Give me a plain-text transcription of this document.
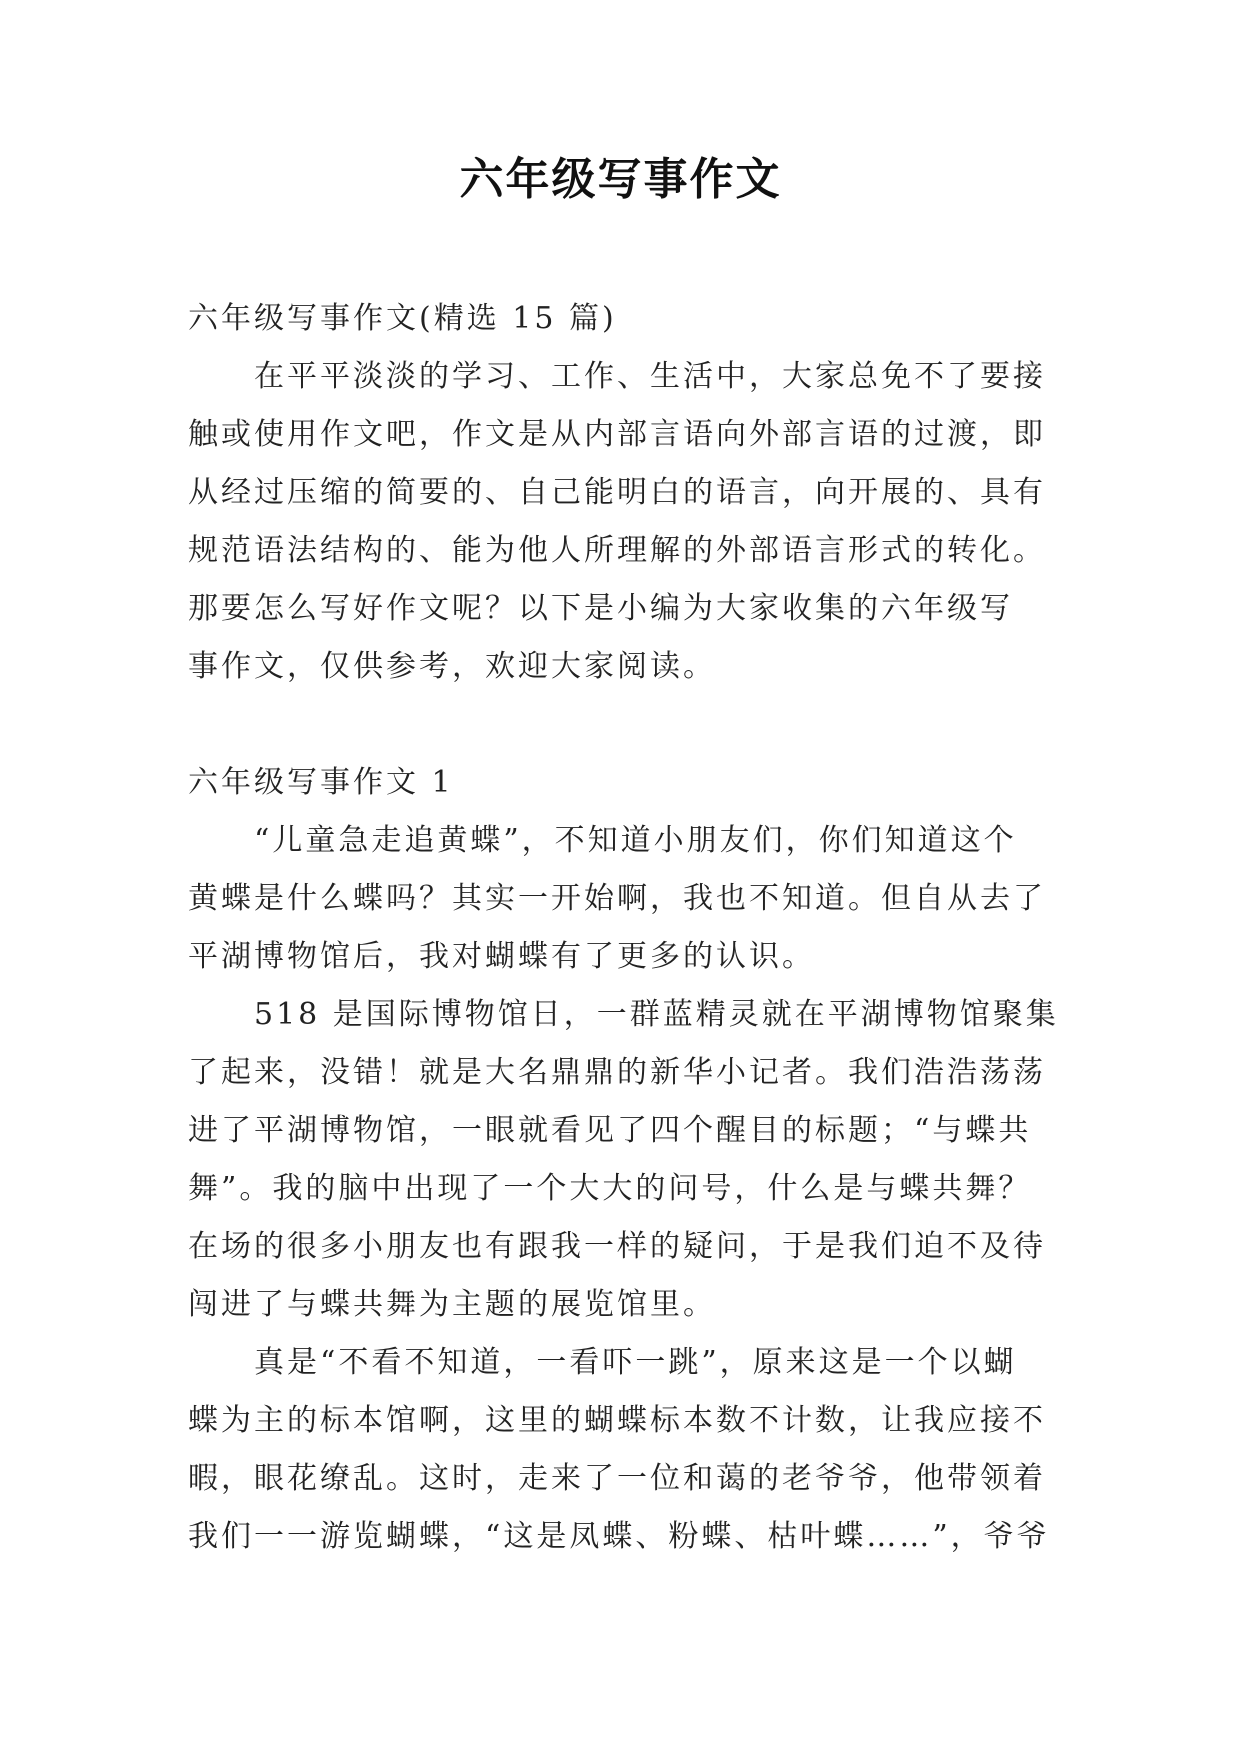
六年级写事作文

六年级写事作文(精选 15 篇)

在平平淡淡的学习、工作、生活中，大家总免不了要接

触或使用作文吧，作文是从内部言语向外部言语的过渡，即

从经过压缩的简要的、自己能明白的语言，向开展的、具有

规范语法结构的、能为他人所理解的外部语言形式的转化。

那要怎么写好作文呢？以下是小编为大家收集的六年级写

事作文，仅供参考，欢迎大家阅读。

六年级写事作文 1

“儿童急走追黄蝶”，不知道小朋友们，你们知道这个

黄蝶是什么蝶吗？其实一开始啊，我也不知道。但自从去了

平湖博物馆后，我对蝴蝶有了更多的认识。

518 是国际博物馆日，一群蓝精灵就在平湖博物馆聚集

了起来，没错！就是大名鼎鼎的新华小记者。我们浩浩荡荡

进了平湖博物馆，一眼就看见了四个醒目的标题；“与蝶共

舞”。我的脑中出现了一个大大的问号，什么是与蝶共舞？

在场的很多小朋友也有跟我一样的疑问，于是我们迫不及待

闯进了与蝶共舞为主题的展览馆里。

真是“不看不知道，一看吓一跳”，原来这是一个以蝴

蝶为主的标本馆啊，这里的蝴蝶标本数不计数，让我应接不

暇，眼花缭乱。这时，走来了一位和蔼的老爷爷，他带领着

我们一一游览蝴蝶，“这是凤蝶、粉蝶、枯叶蝶……”，爷爷
